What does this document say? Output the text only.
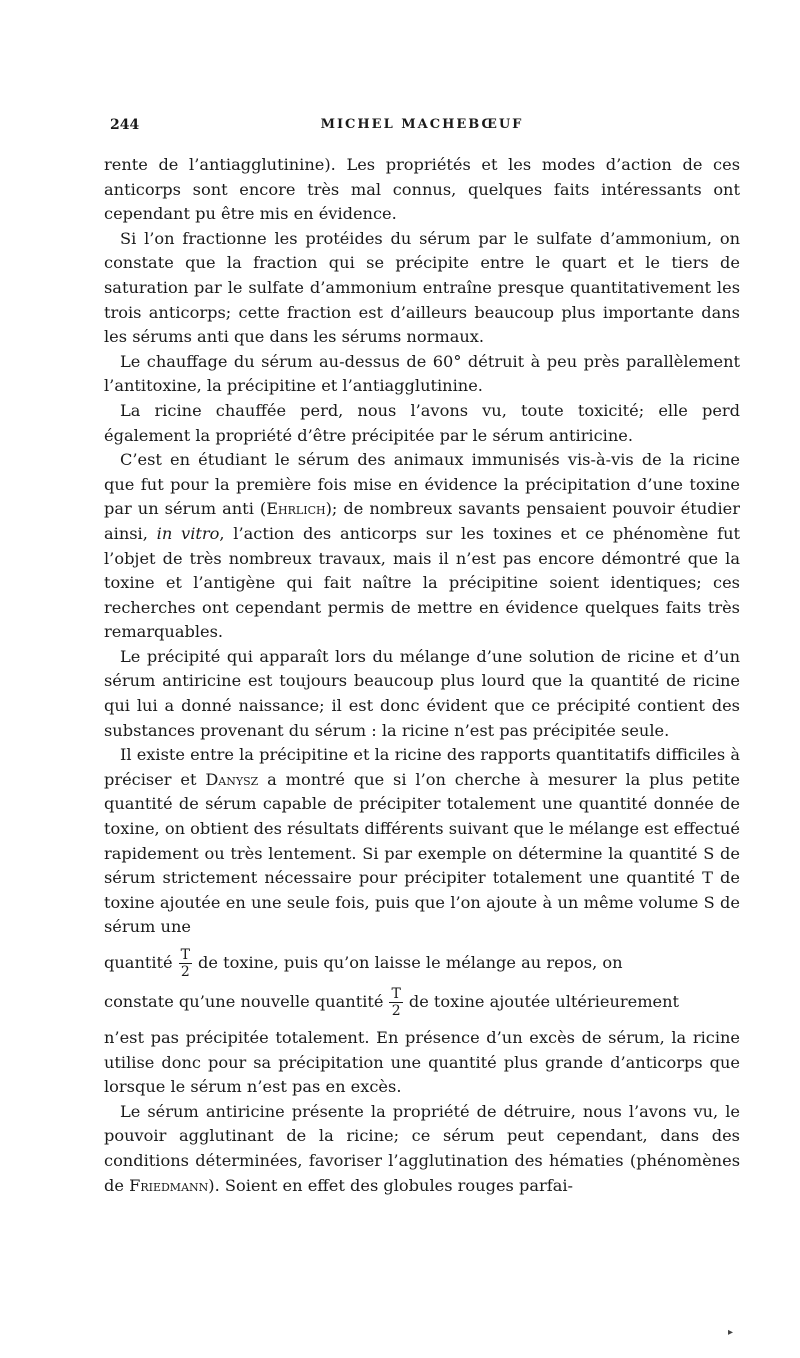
244	MICHEL MACHEBŒUF

rente de l’antiagglutinine). Les propriétés et les modes d’action de ces anticorps sont encore très mal connus, quelques faits intéressants ont cependant pu être mis en évidence.

Si l’on fractionne les protéides du sérum par le sulfate d’ammonium, on constate que la fraction qui se précipite entre le quart et le tiers de saturation par le sulfate d’ammonium entraîne presque quantitativement les trois anticorps; cette fraction est d’ailleurs beaucoup plus importante dans les sérums anti que dans les sérums normaux.

Le chauffage du sérum au-dessus de 60° détruit à peu près parallèlement l’antitoxine, la précipitine et l’antiagglutinine.

La ricine chauffée perd, nous l’avons vu, toute toxicité; elle perd également la propriété d’être précipitée par le sérum antiricine.

C’est en étudiant le sérum des animaux immunisés vis-à-vis de la ricine que fut pour la première fois mise en évidence la précipitation d’une toxine par un sérum anti (Ehrlich); de nombreux savants pensaient pouvoir étudier ainsi, in vitro, l’action des anticorps sur les toxines et ce phénomène fut l’objet de très nombreux travaux, mais il n’est pas encore démontré que la toxine et l’antigène qui fait naître la précipitine soient identiques; ces recherches ont cependant permis de mettre en évidence quelques faits très remarquables.

Le précipité qui apparaît lors du mélange d’une solution de ricine et d’un sérum antiricine est toujours beaucoup plus lourd que la quantité de ricine qui lui a donné naissance; il est donc évident que ce précipité contient des substances provenant du sérum : la ricine n’est pas précipitée seule.

Il existe entre la précipitine et la ricine des rapports quantitatifs difficiles à préciser et Danysz a montré que si l’on cherche à mesurer la plus petite quantité de sérum capable de précipiter totalement une quantité donnée de toxine, on obtient des résultats différents suivant que le mélange est effectué rapidement ou très lentement. Si par exemple on détermine la quantité S de sérum strictement nécessaire pour précipiter totalement une quantité T de toxine ajoutée en une seule fois, puis que l’on ajoute à un même volume S de sérum une

quantité $\frac{T}{2}$ de toxine, puis qu’on laisse le mélange au repos, on

constate qu’une nouvelle quantité $\frac{T}{2}$ de toxine ajoutée ultérieurement

n’est pas précipitée totalement. En présence d’un excès de sérum, la ricine utilise donc pour sa précipitation une quantité plus grande d’anticorps que lorsque le sérum n’est pas en excès.

Le sérum antiricine présente la propriété de détruire, nous l’avons vu, le pouvoir agglutinant de la ricine; ce sérum peut cependant, dans des conditions déterminées, favoriser l’agglutination des hématies (phénomènes de Friedmann). Soient en effet des globules rouges parfai-

▸
